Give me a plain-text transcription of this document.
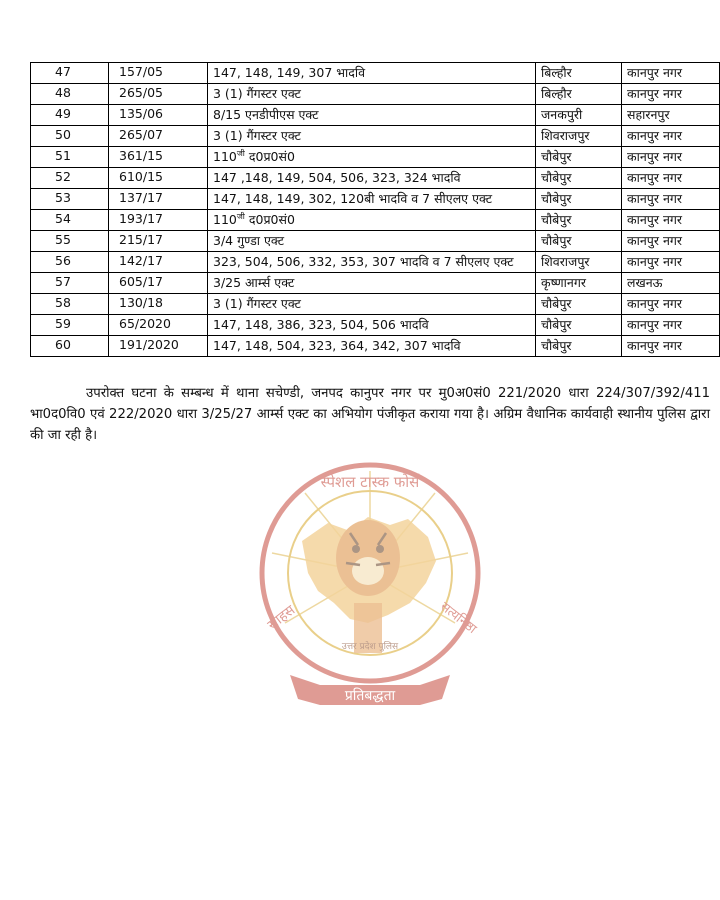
47	157/05	147, 148, 149, 307 भादवि	बिल्हौर	कानपुर नगर
48	265/05	3 (1) गैंगस्टर एक्ट	बिल्हौर	कानपुर नगर
49	135/06	8/15 एनडीपीएस एक्ट	जनकपुरी	सहारनपुर
50	265/07	3 (1) गैंगस्टर एक्ट	शिवराजपुर	कानपुर नगर
51	361/15	$110^{जी}$ द0प्र0सं0	चौबेपुर	कानपुर नगर
52	610/15	147 ,148, 149, 504, 506, 323, 324 भादवि	चौबेपुर	कानपुर नगर
53	137/17	147, 148, 149, 302, 120बी भादवि व 7 सीएलए एक्ट	चौबेपुर	कानपुर नगर
54	193/17	$110^{जी}$ द0प्र0सं0	चौबेपुर	कानपुर नगर
55	215/17	3/4 गुण्डा एक्ट	चौबेपुर	कानपुर नगर
56	142/17	323, 504, 506, 332, 353, 307 भादवि व 7 सीएलए एक्ट	शिवराजपुर	कानपुर नगर
57	605/17	3/25 आर्म्स एक्ट	कृष्णानगर	लखनऊ
58	130/18	3 (1) गैंगस्टर एक्ट	चौबेपुर	कानपुर नगर
59	65/2020	147, 148, 386, 323, 504, 506 भादवि	चौबेपुर	कानपुर नगर
60	191/2020	147, 148, 504, 323, 364, 342, 307 भादवि	चौबेपुर	कानपुर नगर

उपरोक्त घटना के सम्बन्ध में थाना सचेण्डी, जनपद कानुपर नगर पर मु0अ0सं0 221/2020 धारा 224/307/392/411 भा0द0वि0 एवं 222/2020 धारा 3/25/27 आर्म्स एक्ट का अभियोग पंजीकृत कराया गया है। अग्रिम वैधानिक कार्यवाही स्थानीय पुलिस द्वारा की जा रही है।

स्पेशल टास्क फोर्स
साहस	सत्यनिष्ठा
उत्तर प्रदेश पुलिस
प्रतिबद्धता
